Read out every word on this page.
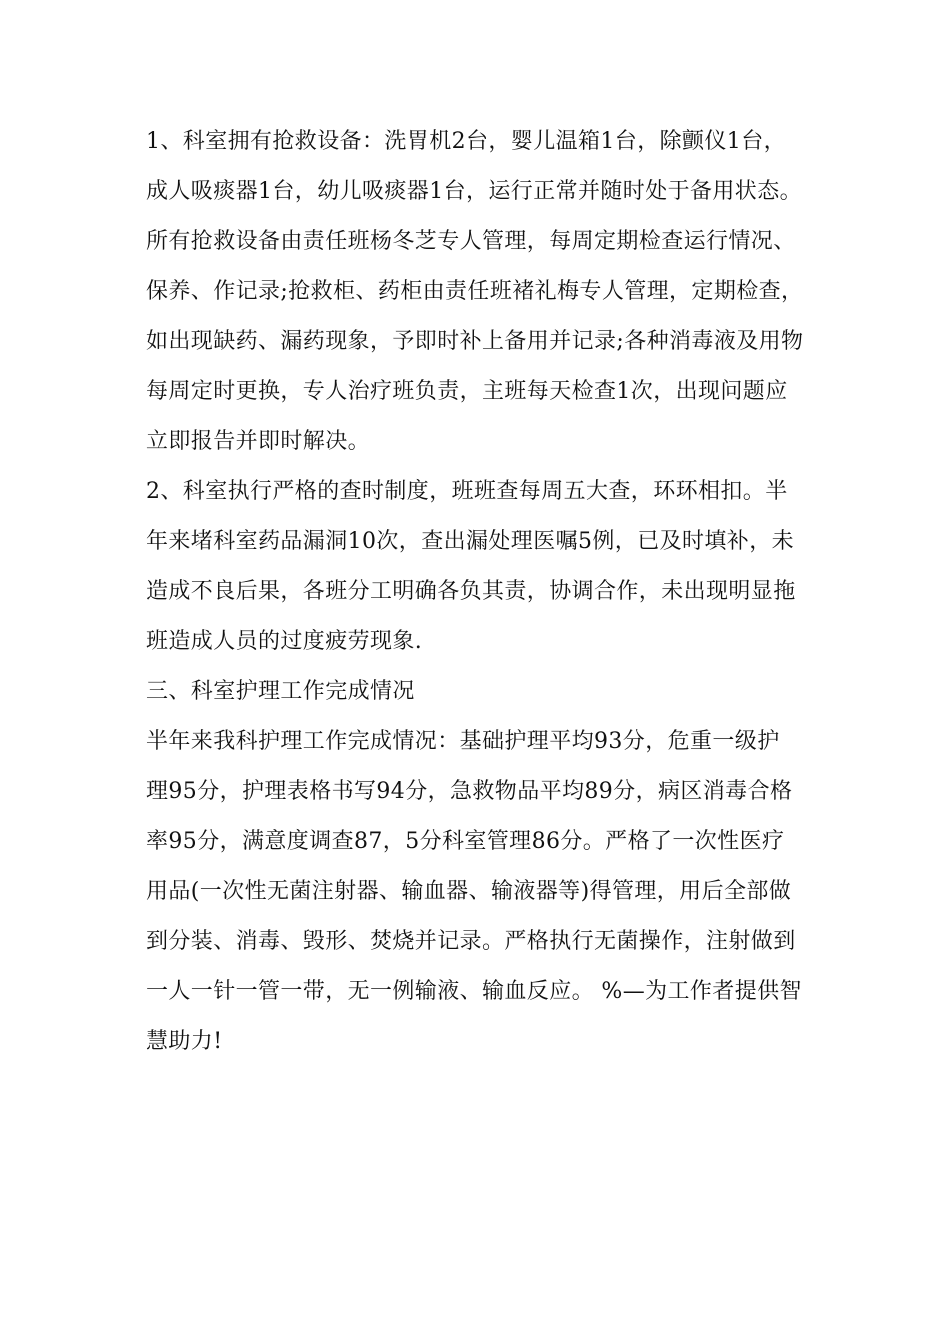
1、科室拥有抢救设备：洗胃机2台，婴儿温箱1台，除颤仪1台，
成人吸痰器1台，幼儿吸痰器1台，运行正常并随时处于备用状态。
所有抢救设备由责任班杨冬芝专人管理，每周定期检查运行情况、
保养、作记录;抢救柜、药柜由责任班褚礼梅专人管理，定期检查，
如出现缺药、漏药现象，予即时补上备用并记录;各种消毒液及用物
每周定时更换，专人治疗班负责，主班每天检查1次，出现问题应
立即报告并即时解决。
2、科室执行严格的查时制度，班班查每周五大查，环环相扣。半
年来堵科室药品漏洞10次，查出漏处理医嘱5例，已及时填补，未
造成不良后果，各班分工明确各负其责，协调合作，未出现明显拖
班造成人员的过度疲劳现象.
三、科室护理工作完成情况
半年来我科护理工作完成情况：基础护理平均93分，危重一级护
理95分，护理表格书写94分，急救物品平均89分，病区消毒合格
率95分，满意度调查87，5分科室管理86分。严格了一次性医疗
用品(一次性无菌注射器、输血器、输液器等)得管理，用后全部做
到分装、消毒、毁形、焚烧并记录。严格执行无菌操作，注射做到
一人一针一管一带，无一例输液、输血反应。 %—为工作者提供智
慧助力!
